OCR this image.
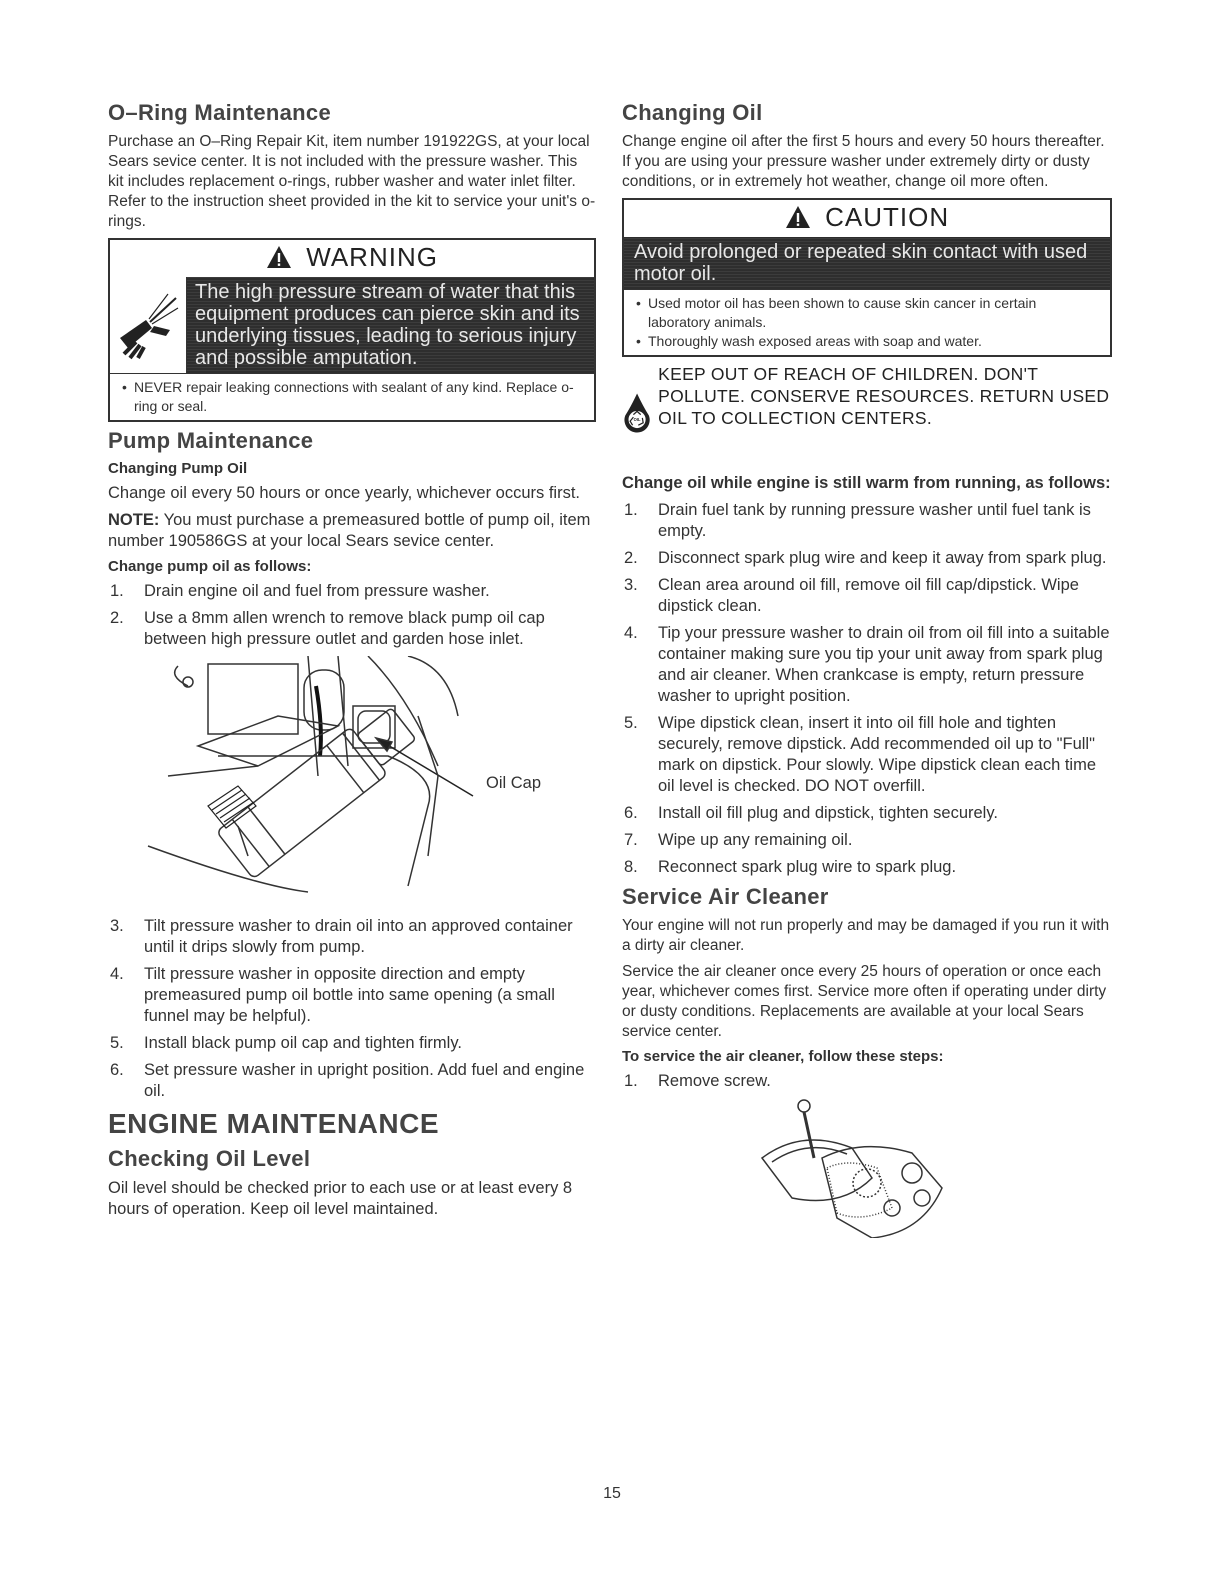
O–Ring Maintenance

Purchase an O–Ring Repair Kit, item number 191922GS, at your local Sears sevice center. It is not included with the pressure washer. This kit includes replacement o-rings, rubber washer and water inlet filter. Refer to the instruction sheet provided in the kit to service your unit's o-rings.

WARNING
The high pressure stream of water that this equipment produces can pierce skin and its underlying tissues, leading to serious injury and possible amputation.
• NEVER repair leaking connections with sealant of any kind. Replace o-ring or seal.
Pump Maintenance
Changing Pump Oil

Change oil every 50 hours or once yearly, whichever occurs first.

NOTE: You must purchase a premeasured bottle of pump oil, item number 190586GS at your local Sears sevice center.

Change pump oil as follows:
1. Drain engine oil and fuel from pressure washer.
2. Use a 8mm allen wrench to remove black pump oil cap between high pressure outlet and garden hose inlet.
Oil Cap
3. Tilt pressure washer to drain oil into an approved container until it drips slowly from pump.
4. Tilt pressure washer in opposite direction and empty premeasured pump oil bottle into same opening (a small funnel may be helpful).
5. Install black pump oil cap and tighten firmly.
6. Set pressure washer in upright position. Add fuel and engine oil.
ENGINE MAINTENANCE
Checking Oil Level

Oil level should be checked prior to each use or at least every 8 hours of operation. Keep oil level maintained.

Changing Oil

Change engine oil after the first 5 hours and every 50 hours thereafter. If you are using your pressure washer under extremely dirty or dusty conditions, or in extremely hot weather, change oil more often.

CAUTION
Avoid prolonged or repeated skin contact with used motor oil.
• Used motor oil has been shown to cause skin cancer in certain laboratory animals.
• Thoroughly wash exposed areas with soap and water.
OIL
KEEP OUT OF REACH OF CHILDREN. DON'T POLLUTE. CONSERVE RESOURCES. RETURN USED OIL TO COLLECTION CENTERS.
Change oil while engine is still warm from running, as follows:
1. Drain fuel tank by running pressure washer until fuel tank is empty.
2. Disconnect spark plug wire and keep it away from spark plug.
3. Clean area around oil fill, remove oil fill cap/dipstick. Wipe dipstick clean.
4. Tip your pressure washer to drain oil from oil fill into a suitable container making sure you tip your unit away from spark plug and air cleaner. When crankcase is empty, return pressure washer to upright position.
5. Wipe dipstick clean, insert it into oil fill hole and tighten securely, remove dipstick. Add recommended oil up to "Full" mark on dipstick. Pour slowly. Wipe dipstick clean each time oil level is checked. DO NOT overfill.
6. Install oil fill plug and dipstick, tighten securely.
7. Wipe up any remaining oil.
8. Reconnect spark plug wire to spark plug.
Service Air Cleaner

Your engine will not run properly and may be damaged if you run it with a dirty air cleaner.

Service the air cleaner once every 25 hours of operation or once each year, whichever comes first. Service more often if operating under dirty or dusty conditions. Replacements are available at your local Sears service center.

To service the air cleaner, follow these steps:
1. Remove screw.
15
